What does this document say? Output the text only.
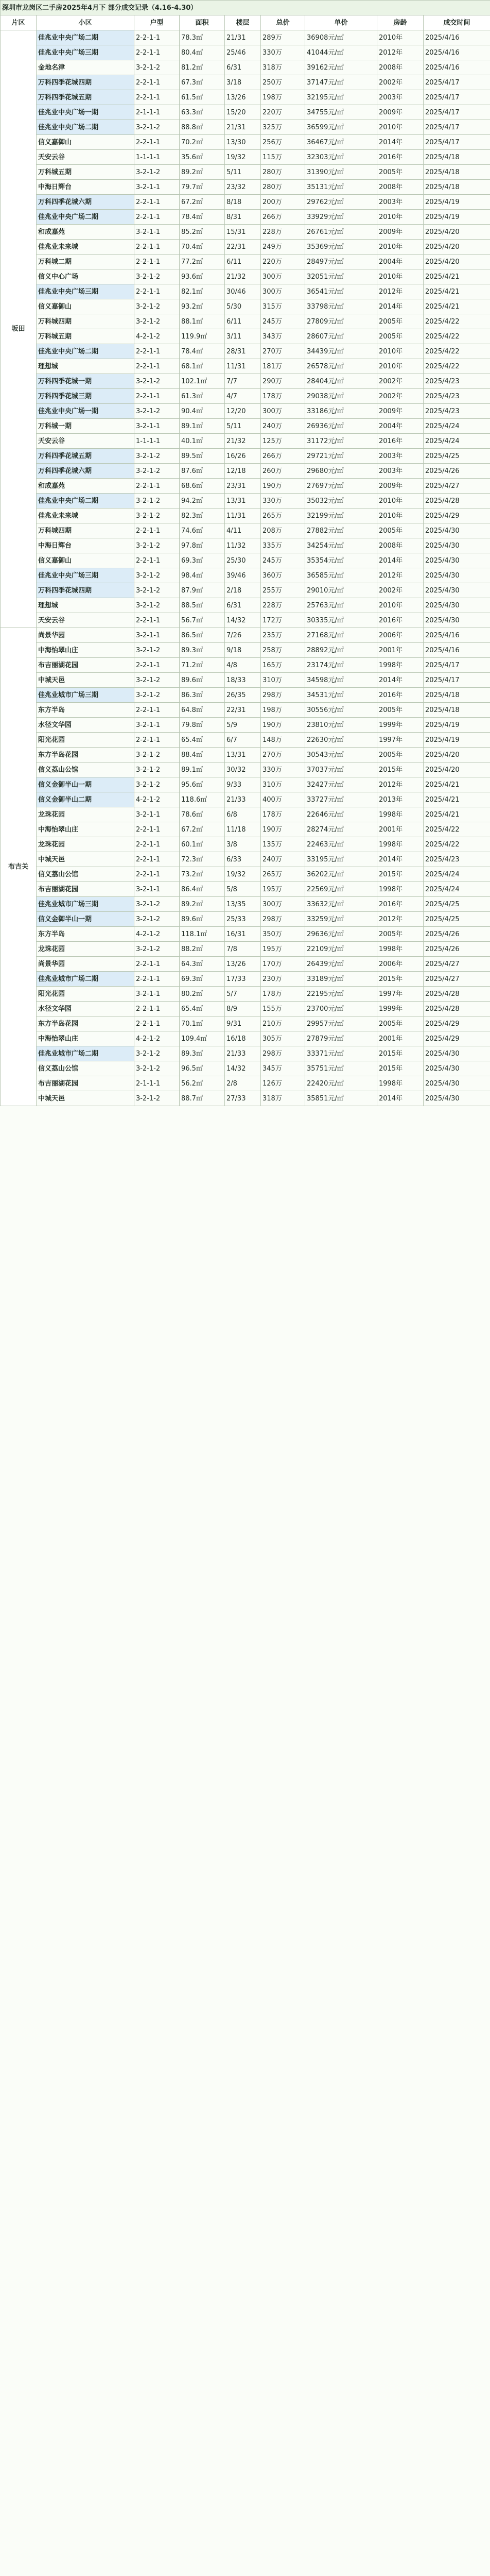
深圳市龙岗区二手房2025年4月下 部分成交记录（4.16-4.30）								
片区	小区	户型	面积	楼层	总价	单价	房龄	成交时间
坂田	佳兆业中央广场二期	2-2-1-1	78.3㎡	21/31	289万	36908元/㎡	2010年	2025/4/16
	佳兆业中央广场三期	2-2-1-1	80.4㎡	25/46	330万	41044元/㎡	2012年	2025/4/16
	金地名津	3-2-1-2	81.2㎡	6/31	318万	39162元/㎡	2008年	2025/4/16
	万科四季花城四期	2-2-1-1	67.3㎡	3/18	250万	37147元/㎡	2002年	2025/4/17
	万科四季花城五期	2-2-1-1	61.5㎡	13/26	198万	32195元/㎡	2003年	2025/4/17
	佳兆业中央广场一期	2-1-1-1	63.3㎡	15/20	220万	34755元/㎡	2009年	2025/4/17
	佳兆业中央广场二期	3-2-1-2	88.8㎡	21/31	325万	36599元/㎡	2010年	2025/4/17
	信义嘉御山	2-2-1-1	70.2㎡	13/30	256万	36467元/㎡	2014年	2025/4/17
	天安云谷	1-1-1-1	35.6㎡	19/32	115万	32303元/㎡	2016年	2025/4/18
	万科城五期	3-2-1-2	89.2㎡	5/11	280万	31390元/㎡	2005年	2025/4/18
	中海日辉台	3-2-1-1	79.7㎡	23/32	280万	35131元/㎡	2008年	2025/4/18
	万科四季花城六期	2-2-1-1	67.2㎡	8/18	200万	29762元/㎡	2003年	2025/4/19
	佳兆业中央广场二期	2-2-1-1	78.4㎡	8/31	266万	33929元/㎡	2010年	2025/4/19
	和成嘉苑	3-2-1-1	85.2㎡	15/31	228万	26761元/㎡	2009年	2025/4/20
	佳兆业未来城	2-2-1-1	70.4㎡	22/31	249万	35369元/㎡	2010年	2025/4/20
	万科城二期	2-2-1-1	77.2㎡	6/11	220万	28497元/㎡	2004年	2025/4/20
	信义中心广场	3-2-1-2	93.6㎡	21/32	300万	32051元/㎡	2010年	2025/4/21
	佳兆业中央广场三期	2-2-1-1	82.1㎡	30/46	300万	36541元/㎡	2012年	2025/4/21
	信义嘉御山	3-2-1-2	93.2㎡	5/30	315万	33798元/㎡	2014年	2025/4/21
	万科城四期	3-2-1-2	88.1㎡	6/11	245万	27809元/㎡	2005年	2025/4/22
	万科城五期	4-2-1-2	119.9㎡	3/11	343万	28607元/㎡	2005年	2025/4/22
	佳兆业中央广场二期	2-2-1-1	78.4㎡	28/31	270万	34439元/㎡	2010年	2025/4/22
	理想城	2-2-1-1	68.1㎡	11/31	181万	26578元/㎡	2010年	2025/4/22
	万科四季花城一期	3-2-1-2	102.1㎡	7/7	290万	28404元/㎡	2002年	2025/4/23
	万科四季花城三期	2-2-1-1	61.3㎡	4/7	178万	29038元/㎡	2002年	2025/4/23
	佳兆业中央广场一期	3-2-1-2	90.4㎡	12/20	300万	33186元/㎡	2009年	2025/4/23
	万科城一期	3-2-1-1	89.1㎡	5/11	240万	26936元/㎡	2004年	2025/4/24
	天安云谷	1-1-1-1	40.1㎡	21/32	125万	31172元/㎡	2016年	2025/4/24
	万科四季花城五期	3-2-1-2	89.5㎡	16/26	266万	29721元/㎡	2003年	2025/4/25
	万科四季花城六期	3-2-1-2	87.6㎡	12/18	260万	29680元/㎡	2003年	2025/4/26
	和成嘉苑	2-2-1-1	68.6㎡	23/31	190万	27697元/㎡	2009年	2025/4/27
	佳兆业中央广场二期	3-2-1-2	94.2㎡	13/31	330万	35032元/㎡	2010年	2025/4/28
	佳兆业未来城	3-2-1-2	82.3㎡	11/31	265万	32199元/㎡	2010年	2025/4/29
	万科城四期	2-2-1-1	74.6㎡	4/11	208万	27882元/㎡	2005年	2025/4/30
	中海日辉台	3-2-1-2	97.8㎡	11/32	335万	34254元/㎡	2008年	2025/4/30
	信义嘉御山	2-2-1-1	69.3㎡	25/30	245万	35354元/㎡	2014年	2025/4/30
	佳兆业中央广场三期	3-2-1-2	98.4㎡	39/46	360万	36585元/㎡	2012年	2025/4/30
	万科四季花城四期	3-2-1-2	87.9㎡	2/18	255万	29010元/㎡	2002年	2025/4/30
	理想城	3-2-1-2	88.5㎡	6/31	228万	25763元/㎡	2010年	2025/4/30
	天安云谷	2-2-1-1	56.7㎡	14/32	172万	30335元/㎡	2016年	2025/4/30
布吉关	尚景华园	3-2-1-1	86.5㎡	7/26	235万	27168元/㎡	2006年	2025/4/16
	中海怡翠山庄	3-2-1-2	89.3㎡	9/18	258万	28892元/㎡	2001年	2025/4/16
	布吉丽湖花园	2-2-1-1	71.2㎡	4/8	165万	23174元/㎡	1998年	2025/4/17
	中城天邑	3-2-1-2	89.6㎡	18/33	310万	34598元/㎡	2014年	2025/4/17
	佳兆业城市广场三期	3-2-1-2	86.3㎡	26/35	298万	34531元/㎡	2016年	2025/4/18
	东方半岛	2-2-1-1	64.8㎡	22/31	198万	30556元/㎡	2005年	2025/4/18
	水径文华园	3-2-1-1	79.8㎡	5/9	190万	23810元/㎡	1999年	2025/4/19
	阳光花园	2-2-1-1	65.4㎡	6/7	148万	22630元/㎡	1997年	2025/4/19
	东方半岛花园	3-2-1-2	88.4㎡	13/31	270万	30543元/㎡	2005年	2025/4/20
	信义荔山公馆	3-2-1-2	89.1㎡	30/32	330万	37037元/㎡	2015年	2025/4/20
	信义金御半山一期	3-2-1-2	95.6㎡	9/33	310万	32427元/㎡	2012年	2025/4/21
	信义金御半山二期	4-2-1-2	118.6㎡	21/33	400万	33727元/㎡	2013年	2025/4/21
	龙珠花园	3-2-1-1	78.6㎡	6/8	178万	22646元/㎡	1998年	2025/4/21
	中海怡翠山庄	2-2-1-1	67.2㎡	11/18	190万	28274元/㎡	2001年	2025/4/22
	龙珠花园	2-2-1-1	60.1㎡	3/8	135万	22463元/㎡	1998年	2025/4/22
	中城天邑	2-2-1-1	72.3㎡	6/33	240万	33195元/㎡	2014年	2025/4/23
	信义荔山公馆	2-2-1-1	73.2㎡	19/32	265万	36202元/㎡	2015年	2025/4/24
	布吉丽湖花园	3-2-1-1	86.4㎡	5/8	195万	22569元/㎡	1998年	2025/4/24
	佳兆业城市广场三期	3-2-1-2	89.2㎡	13/35	300万	33632元/㎡	2016年	2025/4/25
	信义金御半山一期	3-2-1-2	89.6㎡	25/33	298万	33259元/㎡	2012年	2025/4/25
	东方半岛	4-2-1-2	118.1㎡	16/31	350万	29636元/㎡	2005年	2025/4/26
	龙珠花园	3-2-1-2	88.2㎡	7/8	195万	22109元/㎡	1998年	2025/4/26
	尚景华园	2-2-1-1	64.3㎡	13/26	170万	26439元/㎡	2006年	2025/4/27
	佳兆业城市广场二期	2-2-1-1	69.3㎡	17/33	230万	33189元/㎡	2015年	2025/4/27
	阳光花园	3-2-1-1	80.2㎡	5/7	178万	22195元/㎡	1997年	2025/4/28
	水径文华园	2-2-1-1	65.4㎡	8/9	155万	23700元/㎡	1999年	2025/4/28
	东方半岛花园	2-2-1-1	70.1㎡	9/31	210万	29957元/㎡	2005年	2025/4/29
	中海怡翠山庄	4-2-1-2	109.4㎡	16/18	305万	27879元/㎡	2001年	2025/4/29
	佳兆业城市广场二期	3-2-1-2	89.3㎡	21/33	298万	33371元/㎡	2015年	2025/4/30
	信义荔山公馆	3-2-1-2	96.5㎡	14/32	345万	35751元/㎡	2015年	2025/4/30
	布吉丽湖花园	2-1-1-1	56.2㎡	2/8	126万	22420元/㎡	1998年	2025/4/30
	中城天邑	3-2-1-2	88.7㎡	27/33	318万	35851元/㎡	2014年	2025/4/30
